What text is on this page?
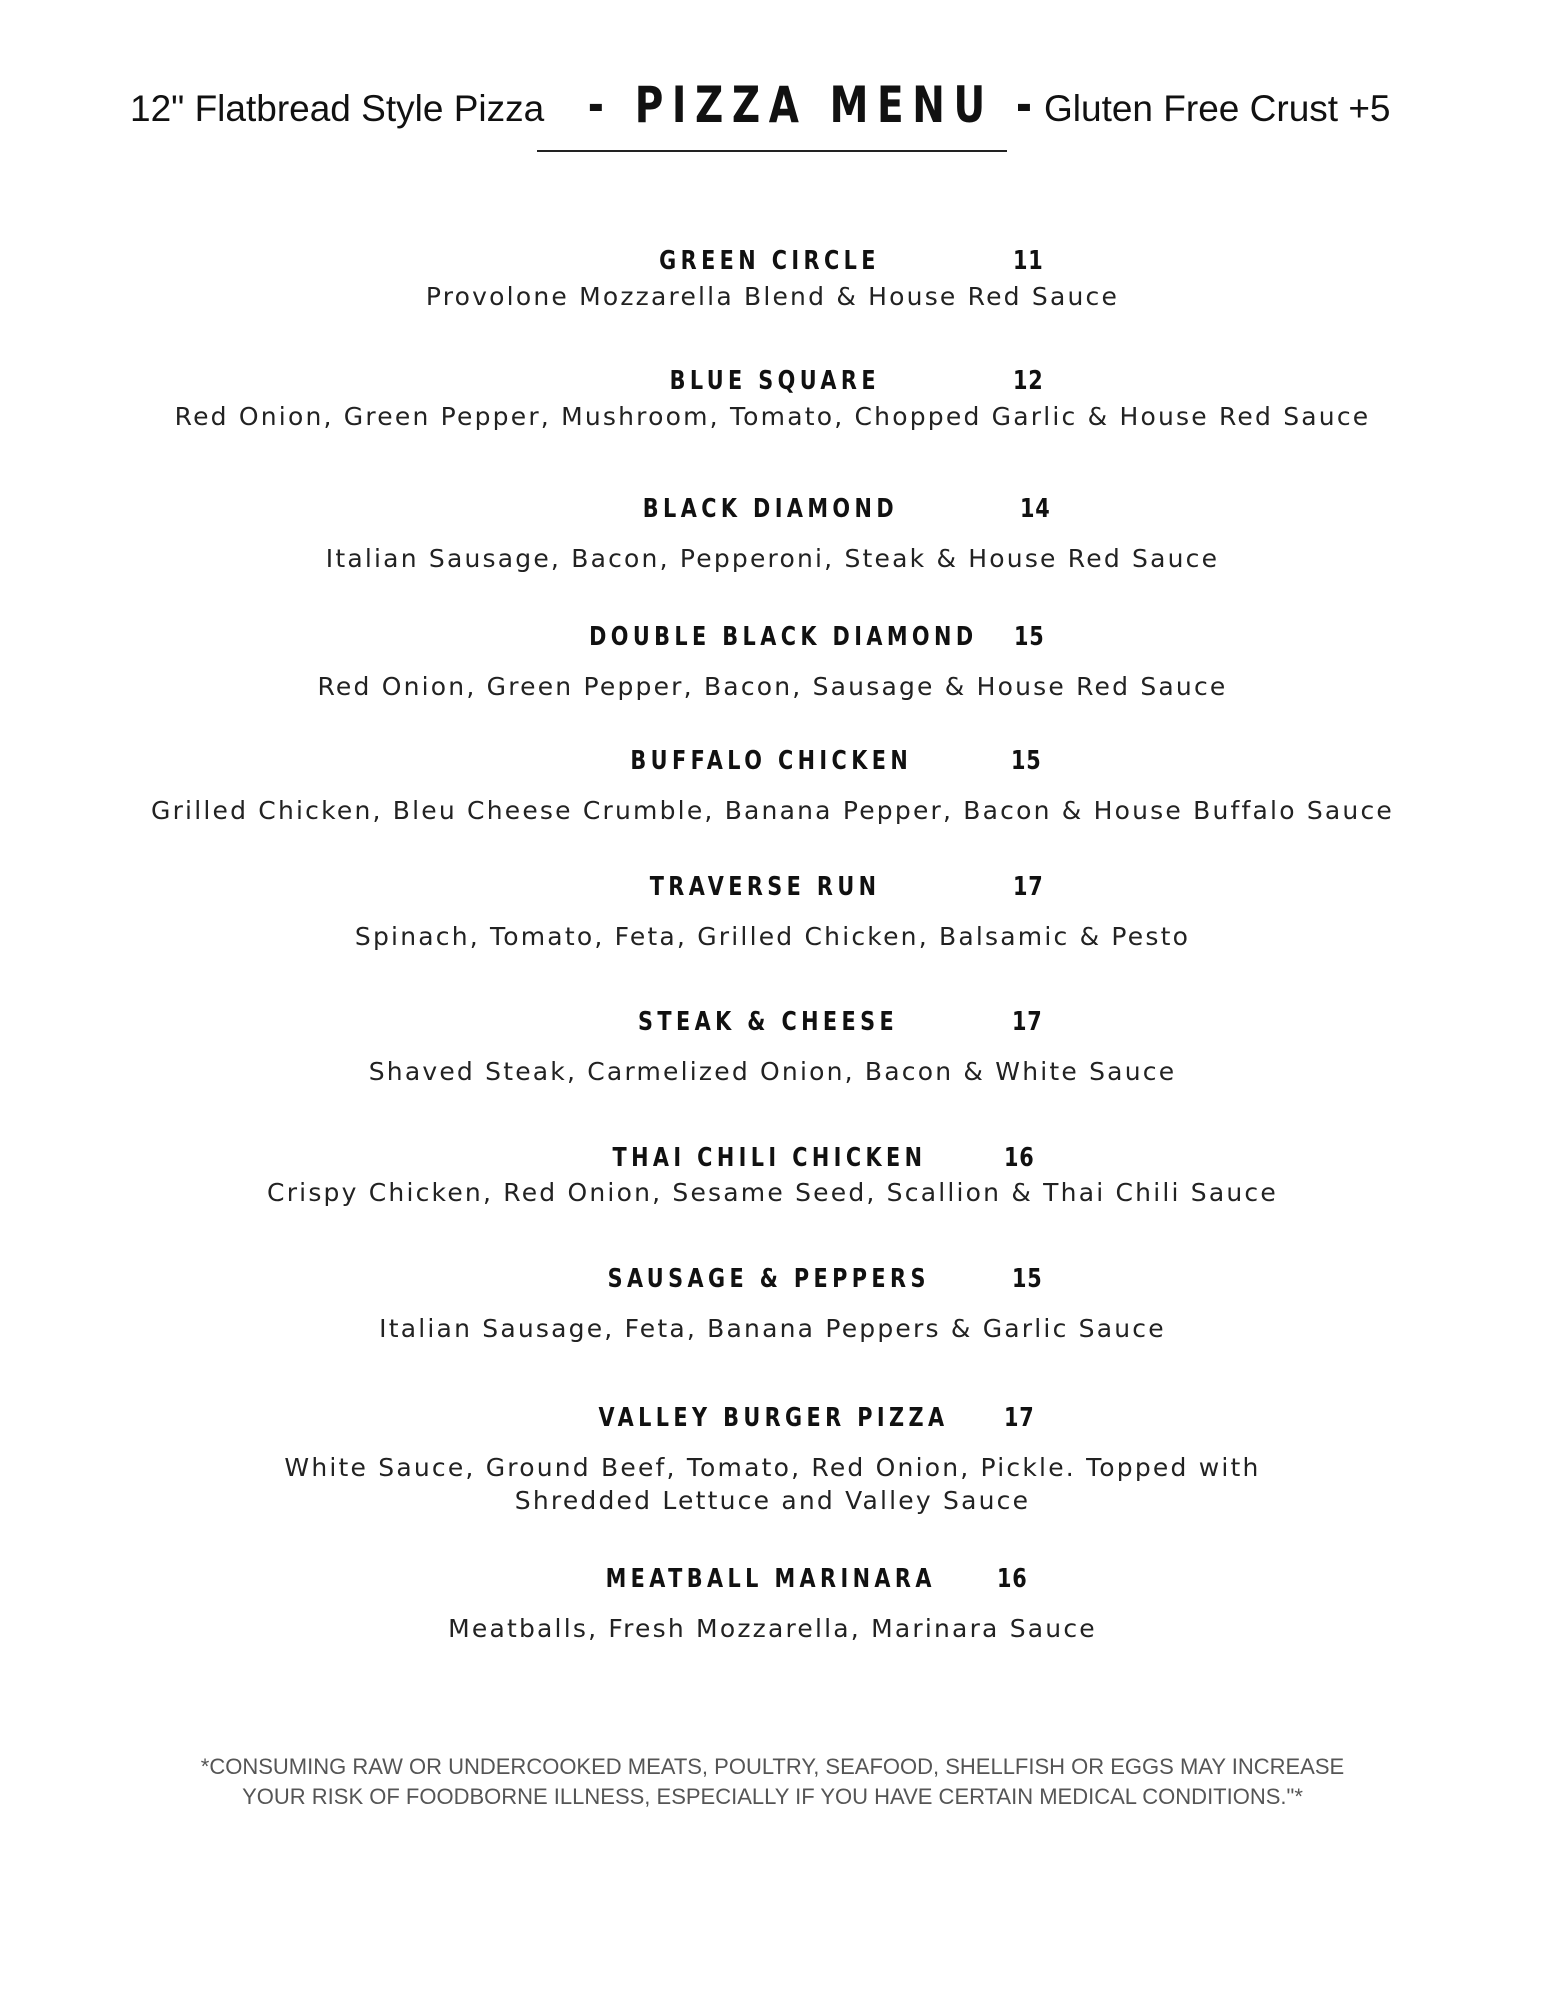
12" Flatbread Style Pizza - PIZZA MENU - Gluten Free Crust +5
GREEN CIRCLE	11
Provolone Mozzarella Blend & House Red Sauce
BLUE SQUARE	12
Red Onion, Green Pepper, Mushroom, Tomato, Chopped Garlic & House Red Sauce
BLACK DIAMOND	14
Italian Sausage, Bacon, Pepperoni, Steak & House Red Sauce
DOUBLE BLACK DIAMOND 15
Red Onion, Green Pepper, Bacon, Sausage & House Red Sauce
BUFFALO CHICKEN	15
Grilled Chicken, Bleu Cheese Crumble, Banana Pepper, Bacon & House Buffalo Sauce
TRAVERSE RUN	17
Spinach, Tomato, Feta, Grilled Chicken, Balsamic & Pesto
STEAK & CHEESE	17
Shaved Steak, Carmelized Onion, Bacon & White Sauce
THAI CHILI CHICKEN	16
Crispy Chicken, Red Onion, Sesame Seed, Scallion & Thai Chili Sauce
SAUSAGE & PEPPERS	15
Italian Sausage, Feta, Banana Peppers & Garlic Sauce
VALLEY BURGER PIZZA 17
White Sauce, Ground Beef, Tomato, Red Onion, Pickle. Topped with
Shredded Lettuce and Valley Sauce
MEATBALL MARINARA 16
Meatballs, Fresh Mozzarella, Marinara Sauce
*CONSUMING RAW OR UNDERCOOKED MEATS, POULTRY, SEAFOOD, SHELLFISH OR EGGS MAY INCREASE
YOUR RISK OF FOODBORNE ILLNESS, ESPECIALLY IF YOU HAVE CERTAIN MEDICAL CONDITIONS."*
